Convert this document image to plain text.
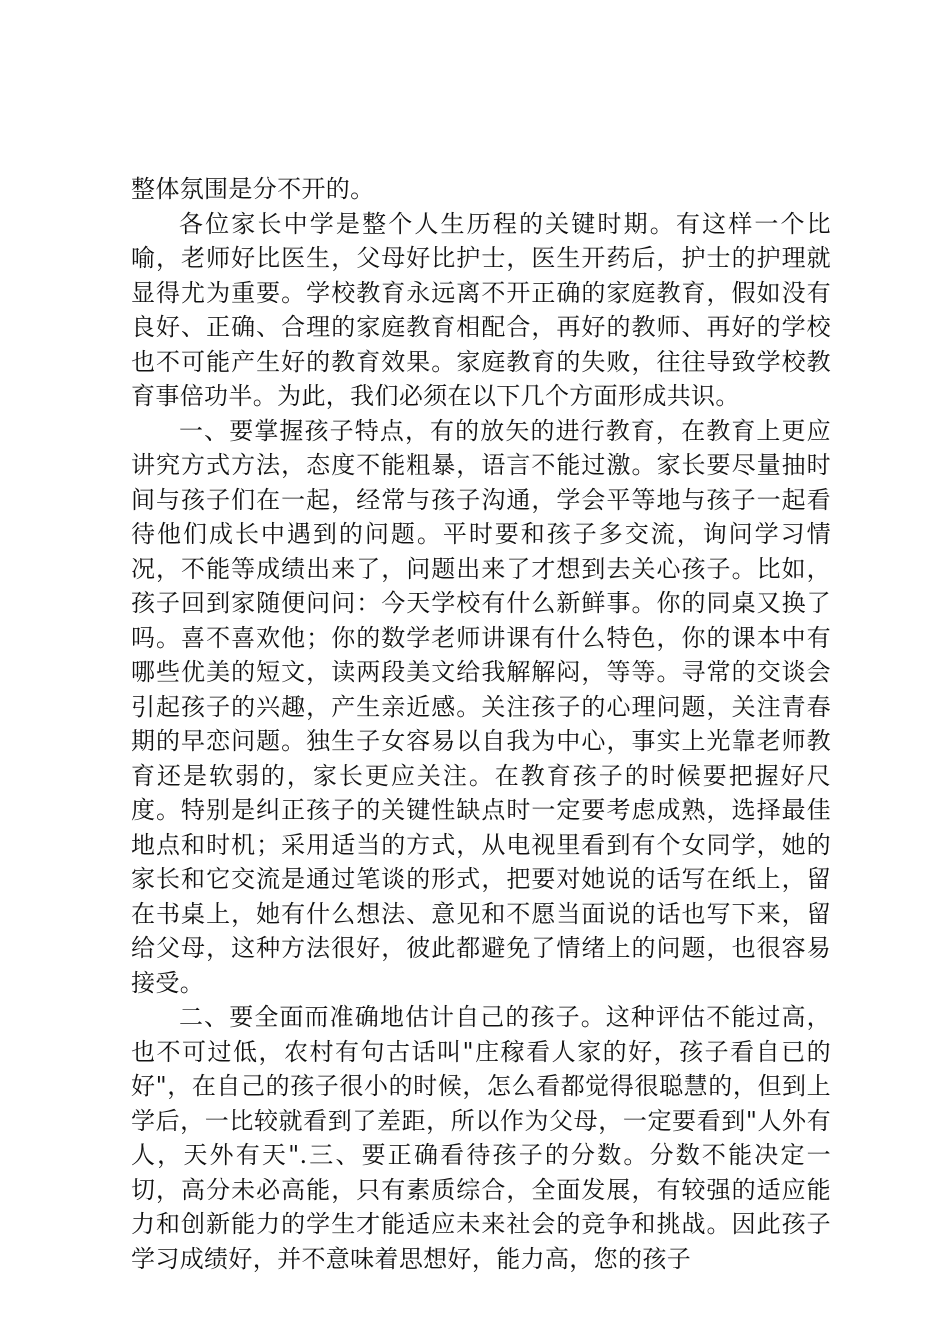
整体氛围是分不开的。

各位家长中学是整个人生历程的关键时期。有这样一个比喻，老师好比医生，父母好比护士，医生开药后，护士的护理就显得尤为重要。学校教育永远离不开正确的家庭教育，假如没有良好、正确、合理的家庭教育相配合，再好的教师、再好的学校也不可能产生好的教育效果。家庭教育的失败，往往导致学校教育事倍功半。为此，我们必须在以下几个方面形成共识。

一、要掌握孩子特点，有的放矢的进行教育，在教育上更应讲究方式方法，态度不能粗暴，语言不能过激。家长要尽量抽时间与孩子们在一起，经常与孩子沟通，学会平等地与孩子一起看待他们成长中遇到的问题。平时要和孩子多交流，询问学习情况，不能等成绩出来了，问题出来了才想到去关心孩子。比如，孩子回到家随便问问：今天学校有什么新鲜事。你的同桌又换了吗。喜不喜欢他；你的数学老师讲课有什么特色，你的课本中有哪些优美的短文，读两段美文给我解解闷，等等。寻常的交谈会引起孩子的兴趣，产生亲近感。关注孩子的心理问题，关注青春期的早恋问题。独生子女容易以自我为中心，事实上光靠老师教育还是软弱的，家长更应关注。在教育孩子的时候要把握好尺度。特别是纠正孩子的关键性缺点时一定要考虑成熟，选择最佳地点和时机；采用适当的方式，从电视里看到有个女同学，她的家长和它交流是通过笔谈的形式，把要对她说的话写在纸上，留在书桌上，她有什么想法、意见和不愿当面说的话也写下来，留给父母，这种方法很好，彼此都避免了情绪上的问题，也很容易接受。

二、要全面而准确地估计自己的孩子。这种评估不能过高，也不可过低，农村有句古话叫"庄稼看人家的好，孩子看自已的好"，在自己的孩子很小的时候，怎么看都觉得很聪慧的，但到上学后，一比较就看到了差距，所以作为父母，一定要看到"人外有人，天外有天".三、要正确看待孩子的分数。分数不能决定一切，高分未必高能，只有素质综合，全面发展，有较强的适应能力和创新能力的学生才能适应未来社会的竞争和挑战。因此孩子学习成绩好，并不意味着思想好，能力高，您的孩子
